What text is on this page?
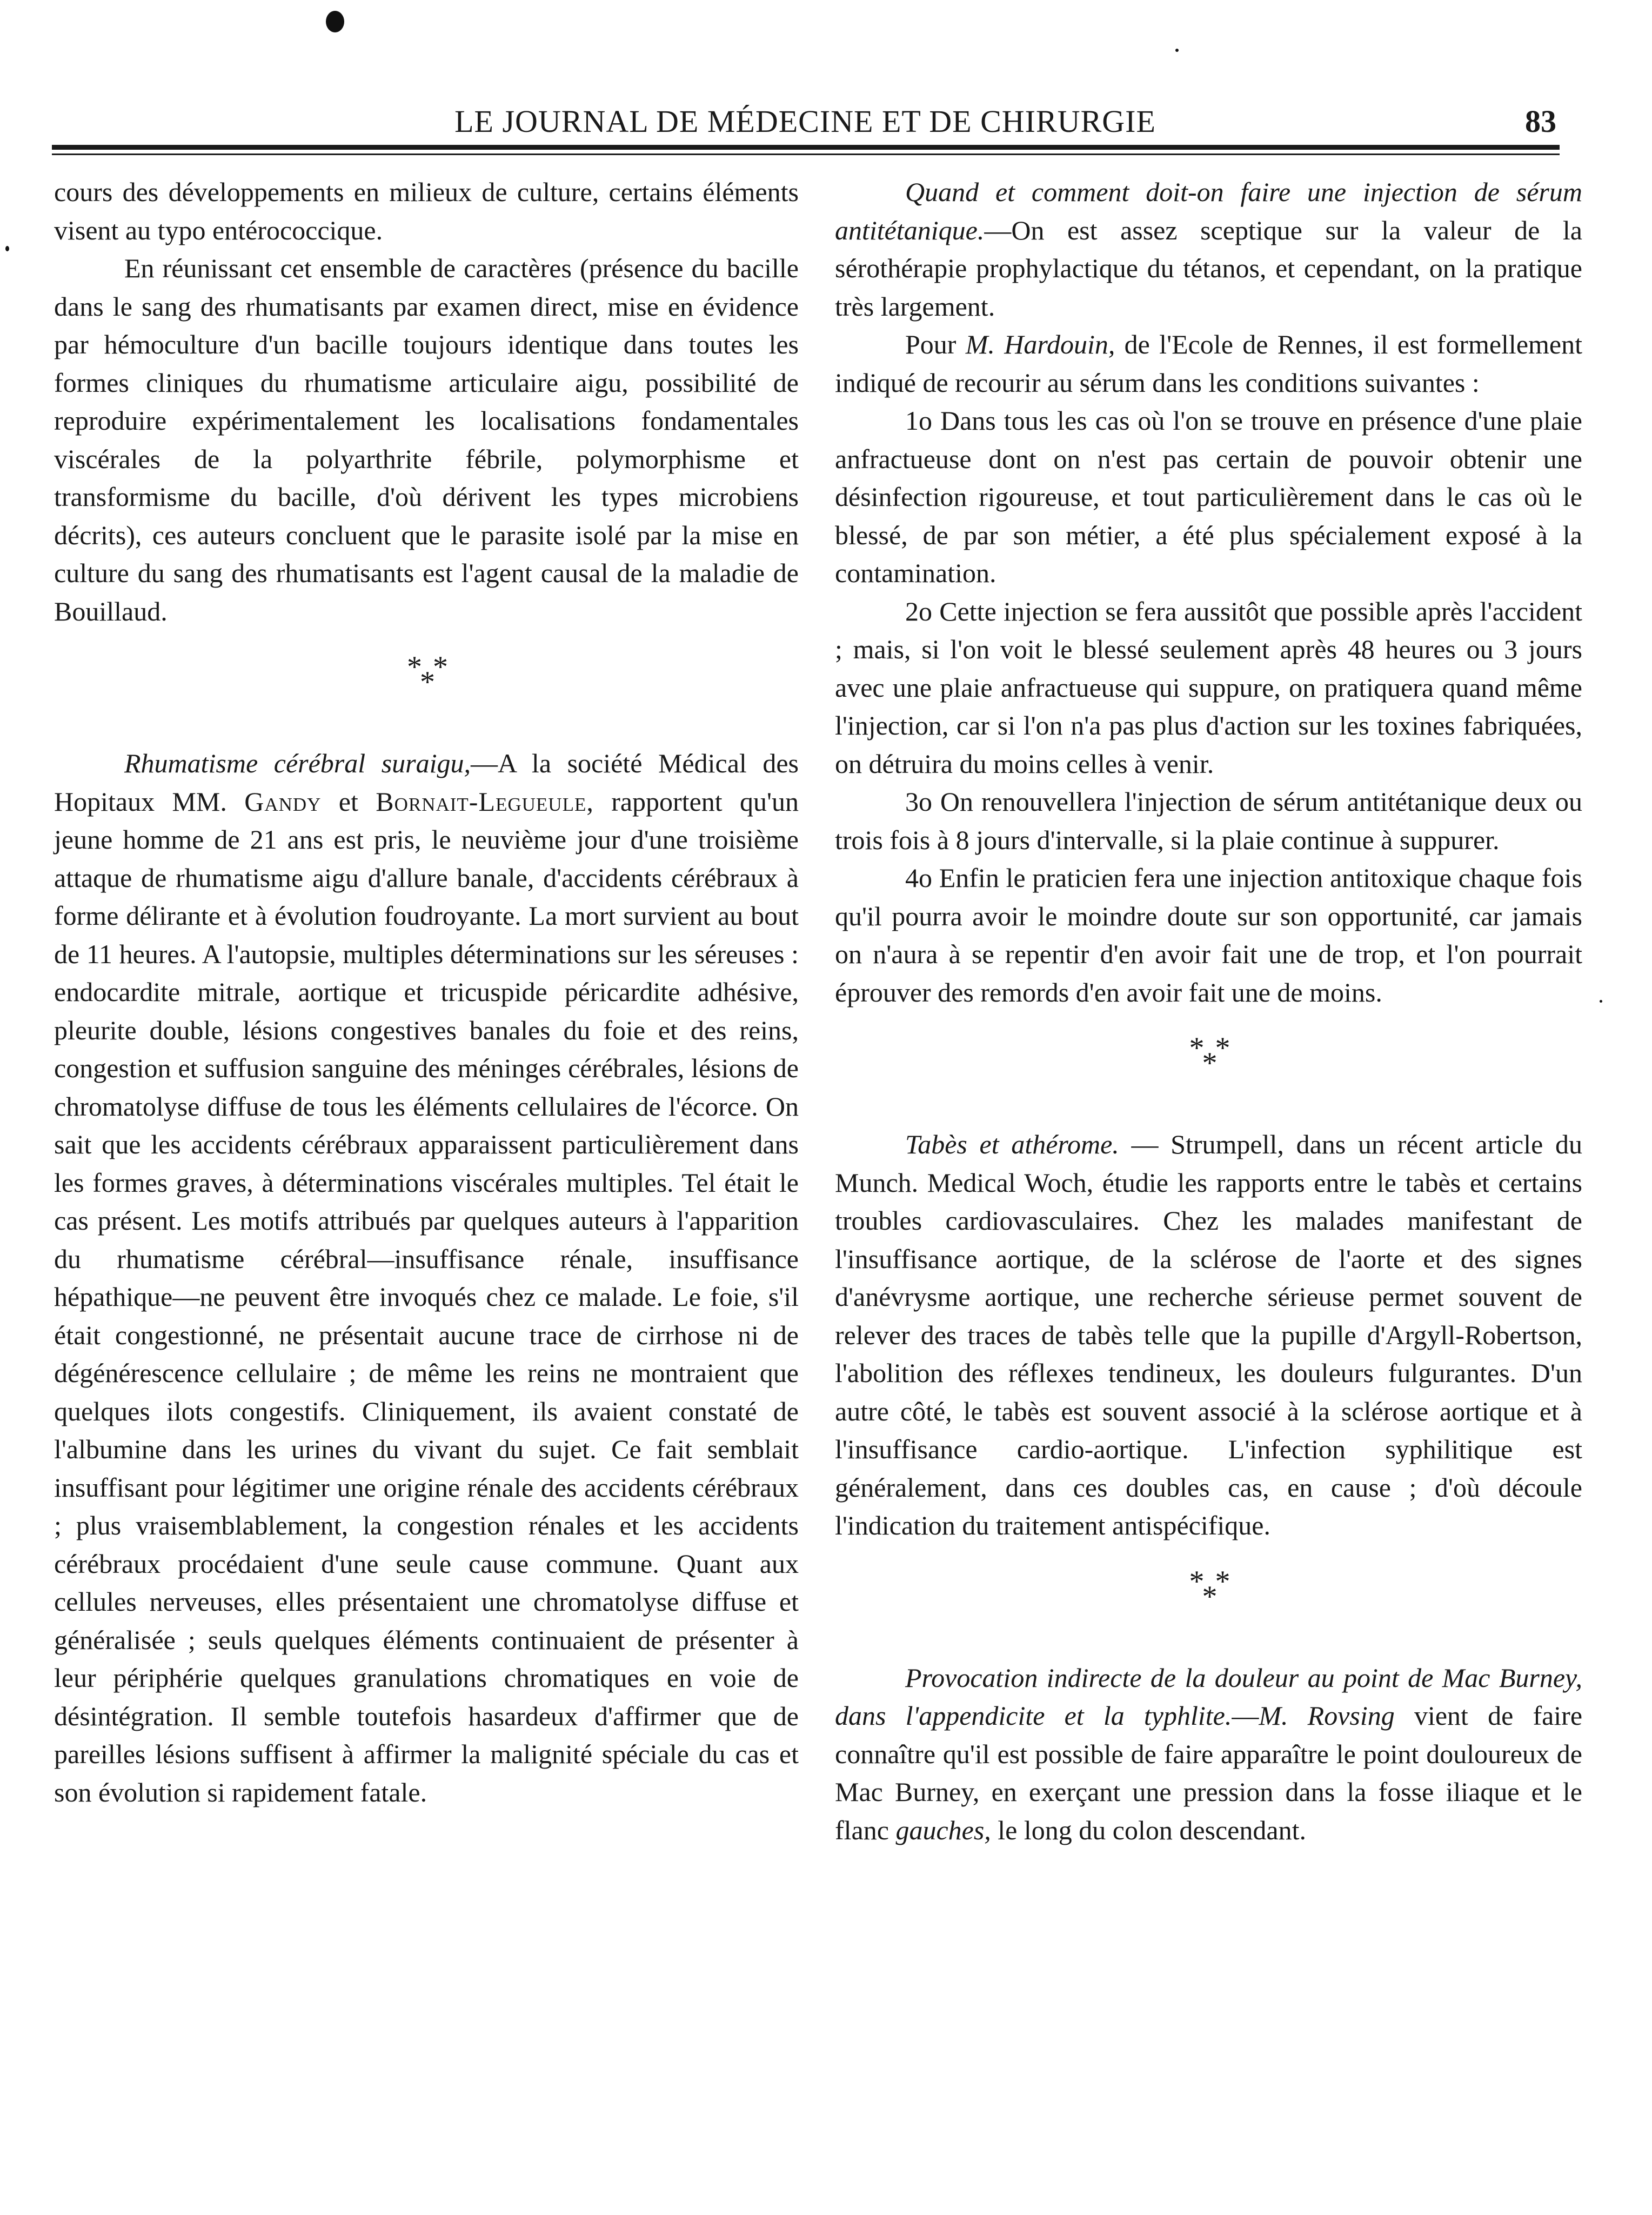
LE JOURNAL DE MÉDECINE ET DE CHIRURGIE	83

cours des développements en milieux de culture, certains éléments visent au typo entérococcique.

En réunissant cet ensemble de caractères (présence du bacille dans le sang des rhumatisants par examen direct, mise en évidence par hémoculture d'un bacille toujours identique dans toutes les formes cliniques du rhumatisme articulaire aigu, possibilité de reproduire expérimentalement les localisations fondamentales viscérales de la polyarthrite fébrile, polymorphisme et transformisme du bacille, d'où dérivent les types microbiens décrits), ces auteurs concluent que le parasite isolé par la mise en culture du sang des rhumatisants est l'agent causal de la maladie de Bouillaud.

* *
*

Rhumatisme cérébral suraigu,—A la société Médical des Hopitaux MM. Gandy et Bornait-Legueule, rapportent qu'un jeune homme de 21 ans est pris, le neuvième jour d'une troisième attaque de rhumatisme aigu d'allure banale, d'accidents cérébraux à forme délirante et à évolution foudroyante. La mort survient au bout de 11 heures. A l'autopsie, multiples déterminations sur les séreuses : endocardite mitrale, aortique et tricuspide péricardite adhésive, pleurite double, lésions congestives banales du foie et des reins, congestion et suffusion sanguine des méninges cérébrales, lésions de chromatolyse diffuse de tous les éléments cellulaires de l'écorce. On sait que les accidents cérébraux apparaissent particulièrement dans les formes graves, à déterminations viscérales multiples. Tel était le cas présent. Les motifs attribués par quelques auteurs à l'apparition du rhumatisme cérébral—insuffisance rénale, insuffisance hépathique—ne peuvent être invoqués chez ce malade. Le foie, s'il était congestionné, ne présentait aucune trace de cirrhose ni de dégénérescence cellulaire ; de même les reins ne montraient que quelques ilots congestifs. Cliniquement, ils avaient constaté de l'albumine dans les urines du vivant du sujet. Ce fait semblait insuffisant pour légitimer une origine rénale des accidents cérébraux ; plus vraisemblablement, la congestion rénales et les accidents cérébraux procédaient d'une seule cause commune. Quant aux cellules nerveuses, elles présentaient une chromatolyse diffuse et généralisée ; seuls quelques éléments continuaient de présenter à leur périphérie quelques granulations chromatiques en voie de désintégration. Il semble toutefois hasardeux d'affirmer que de pareilles lésions suffisent à affirmer la malignité spéciale du cas et son évolution si rapidement fatale.

Quand et comment doit-on faire une injection de sérum antitétanique.—On est assez sceptique sur la valeur de la sérothérapie prophylactique du tétanos, et cependant, on la pratique très largement.

Pour M. Hardouin, de l'Ecole de Rennes, il est formellement indiqué de recourir au sérum dans les conditions suivantes :

1o Dans tous les cas où l'on se trouve en présence d'une plaie anfractueuse dont on n'est pas certain de pouvoir obtenir une désinfection rigoureuse, et tout particulièrement dans le cas où le blessé, de par son métier, a été plus spécialement exposé à la contamination.

2o Cette injection se fera aussitôt que possible après l'accident ; mais, si l'on voit le blessé seulement après 48 heures ou 3 jours avec une plaie anfractueuse qui suppure, on pratiquera quand même l'injection, car si l'on n'a pas plus d'action sur les toxines fabriquées, on détruira du moins celles à venir.

3o On renouvellera l'injection de sérum antitétanique deux ou trois fois à 8 jours d'intervalle, si la plaie continue à suppurer.

4o Enfin le praticien fera une injection antitoxique chaque fois qu'il pourra avoir le moindre doute sur son opportunité, car jamais on n'aura à se repentir d'en avoir fait une de trop, et l'on pourrait éprouver des remords d'en avoir fait une de moins.

* *
*

Tabès et athérome. — Strumpell, dans un récent article du Munch. Medical Woch, étudie les rapports entre le tabès et certains troubles cardiovasculaires. Chez les malades manifestant de l'insuffisance aortique, de la sclérose de l'aorte et des signes d'anévrysme aortique, une recherche sérieuse permet souvent de relever des traces de tabès telle que la pupille d'Argyll-Robertson, l'abolition des réflexes tendineux, les douleurs fulgurantes. D'un autre côté, le tabès est souvent associé à la sclérose aortique et à l'insuffisance cardio-aortique. L'infection syphilitique est généralement, dans ces doubles cas, en cause ; d'où découle l'indication du traitement antispécifique.

* *
*

Provocation indirecte de la douleur au point de Mac Burney, dans l'appendicite et la typhlite.—M. Rovsing vient de faire connaître qu'il est possible de faire apparaître le point douloureux de Mac Burney, en exerçant une pression dans la fosse iliaque et le flanc gauches, le long du colon descendant.
